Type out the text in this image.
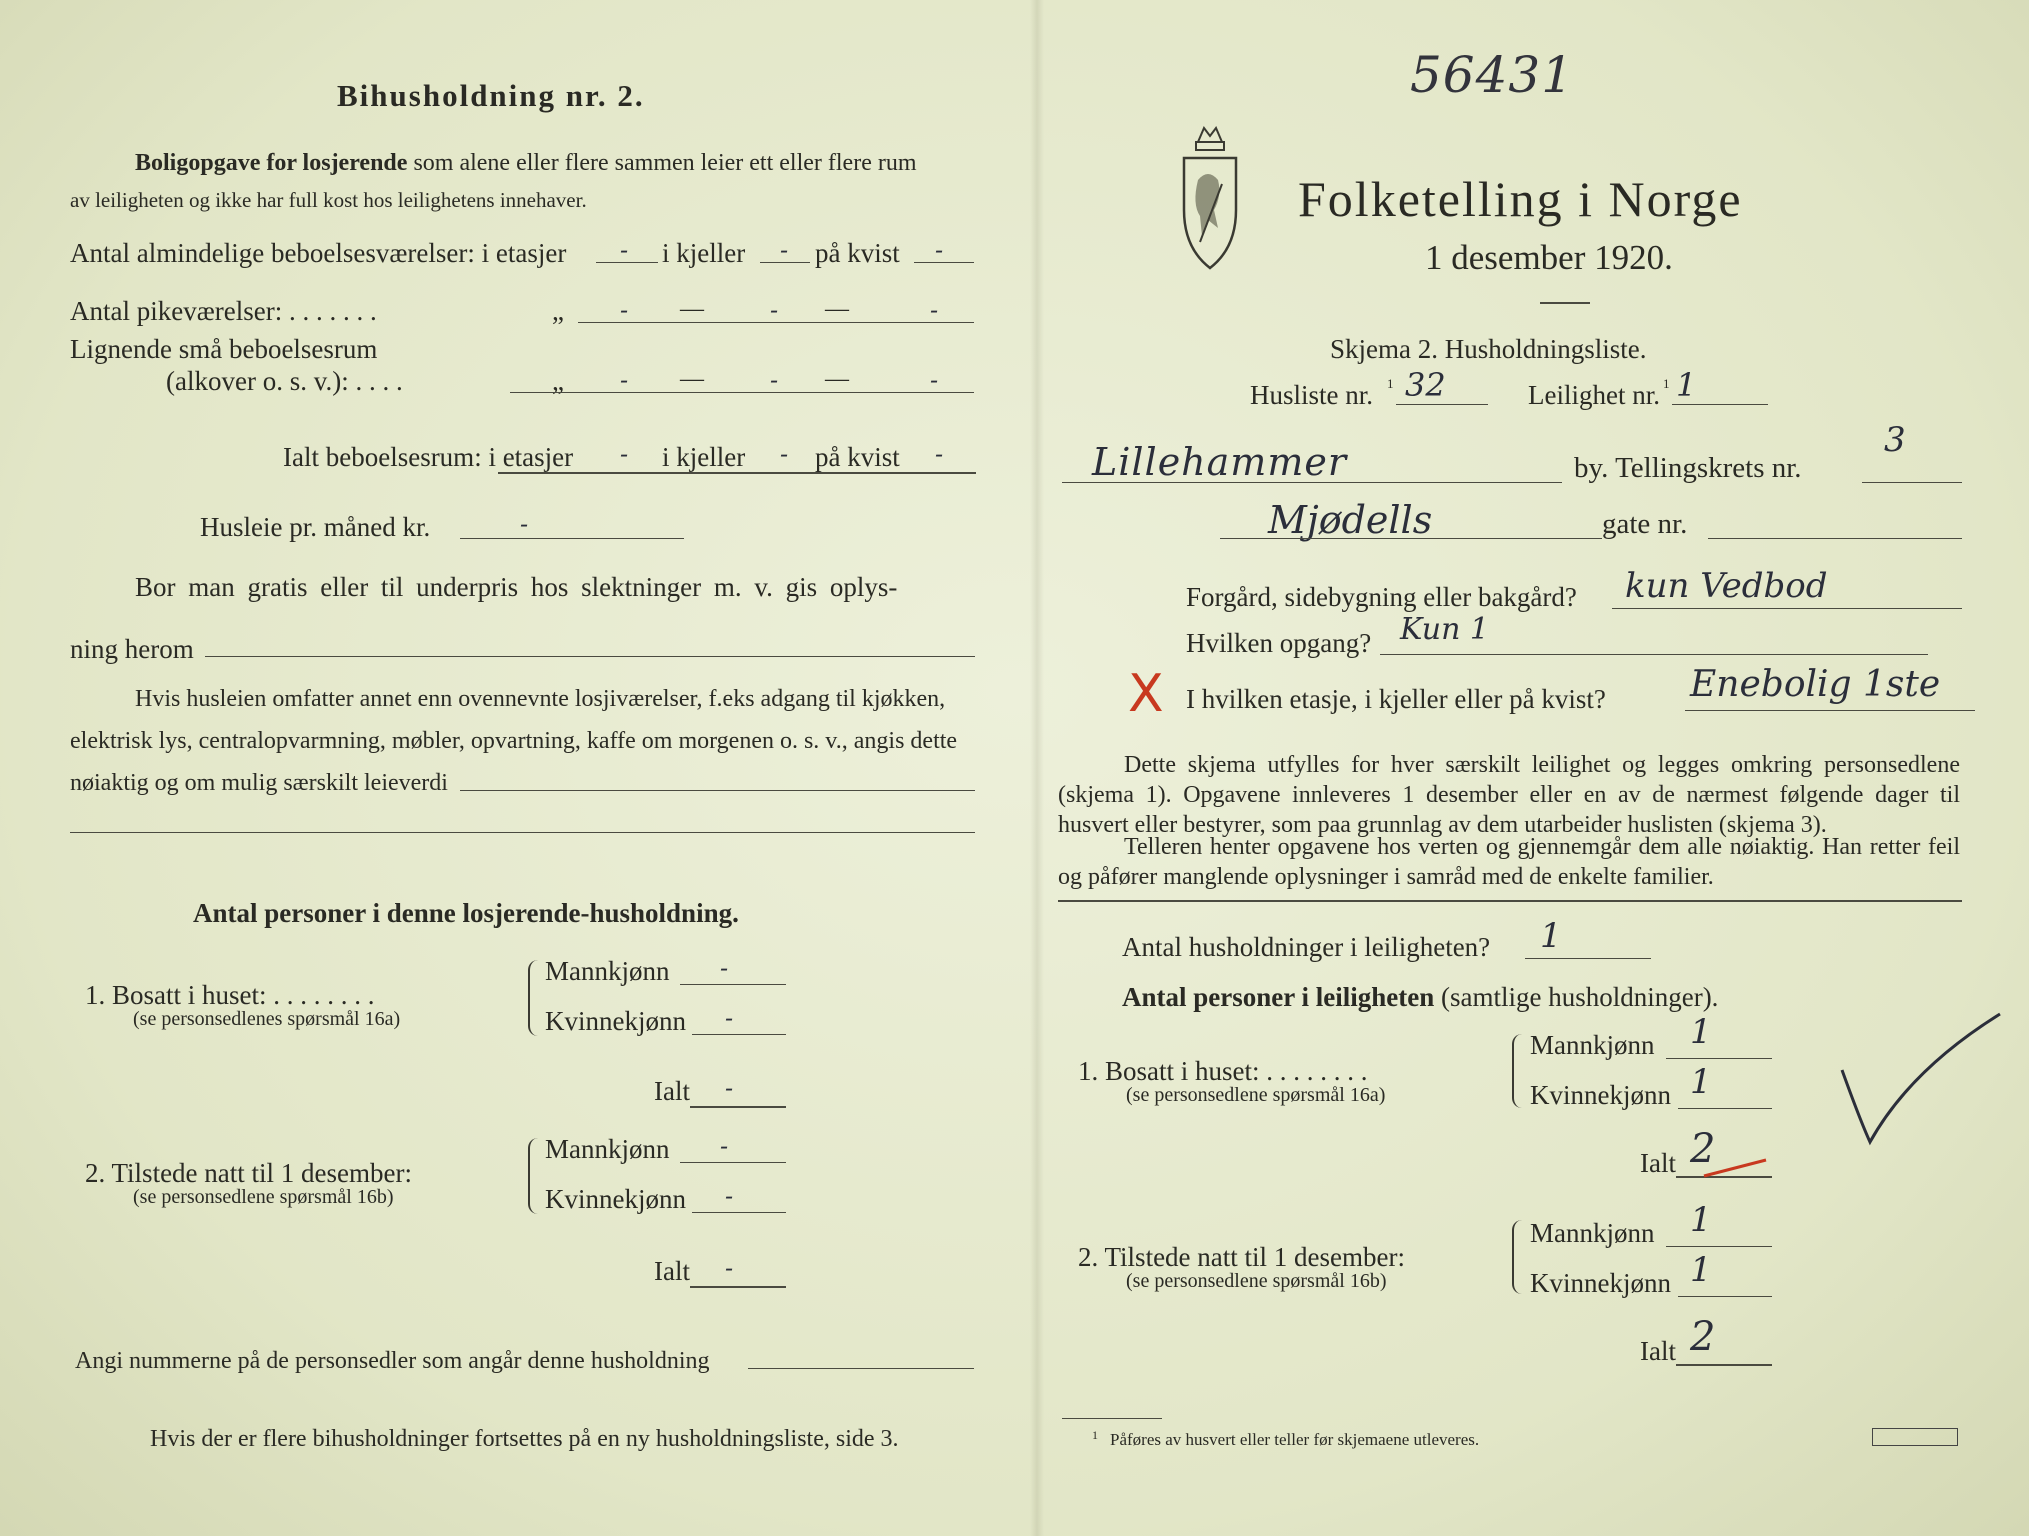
Bihusholdning nr. 2.
Boligopgave for losjerende som alene eller flere sammen leier ett eller flere rum
av leiligheten og ikke har full kost hos leilighetens innehaver.
Antal almindelige beboelsesværelser: i etasjer	i kjeller	på kvist
-	-	-
Antal pikeværelser: . . . . . . .	„ - —	- —	-
Lignende små beboelsesrum
(alkover o. s. v.): . . . .	„ - —	- —	-
Ialt beboelsesrum: i etasjer	i kjeller	på kvist
-	-	-
Husleie pr. måned kr.	-
Bor man gratis eller til underpris hos slektninger m. v. gis oplys-
ning herom
Hvis husleien omfatter annet enn ovennevnte losjiværelser, f.eks adgang til kjøkken,
elektrisk lys, centralopvarmning, møbler, opvartning, kaffe om morgenen o. s. v., angis dette
nøiaktig og om mulig særskilt leieverdi
Antal personer i denne losjerende-husholdning.
1. Bosatt i huset: . . . . . . . .
(se personsedlenes spørsmål 16a)
Mannkjønn -
Kvinnekjønn -
Ialt -
2. Tilstede natt til 1 desember:
(se personsedlene spørsmål 16b)
Mannkjønn -
Kvinnekjønn -
Ialt -
Angi nummerne på de personsedler som angår denne husholdning
Hvis der er flere bihusholdninger fortsettes på en ny husholdningsliste, side 3.
56431
Folketelling i Norge
1 desember 1920.
Skjema 2. Husholdningsliste.
Husliste nr. 1 32	Leilighet nr. 1 1
Lillehammer	by. Tellingskrets nr.
3
Mjødells	gate nr.
Forgård, sidebygning eller bakgård? kun Vedbod
Hvilken opgang? Kun 1
X I hvilken etasje, i kjeller eller på kvist? Enebolig 1ste
Dette skjema utfylles for hver særskilt leilighet og legges omkring personsedlene (skjema 1). Opgavene innleveres 1 desember eller en av de nærmest følgende dager til husvert eller bestyrer, som paa grunnlag av dem utarbeider huslisten (skjema 3).
Telleren henter opgavene hos verten og gjennemgår dem alle nøiaktig. Han retter feil og påfører manglende oplysninger i samråd med de enkelte familier.
Antal husholdninger i leiligheten? 1
Antal personer i leiligheten (samtlige husholdninger).
1. Bosatt i huset: . . . . . . . .
(se personsedlene spørsmål 16a)
Mannkjønn 1
Kvinnekjønn 1
Ialt 2
2. Tilstede natt til 1 desember:
(se personsedlene spørsmål 16b)
Mannkjønn 1
Kvinnekjønn 1
Ialt 2
1 Påføres av husvert eller teller før skjemaene utleveres.
